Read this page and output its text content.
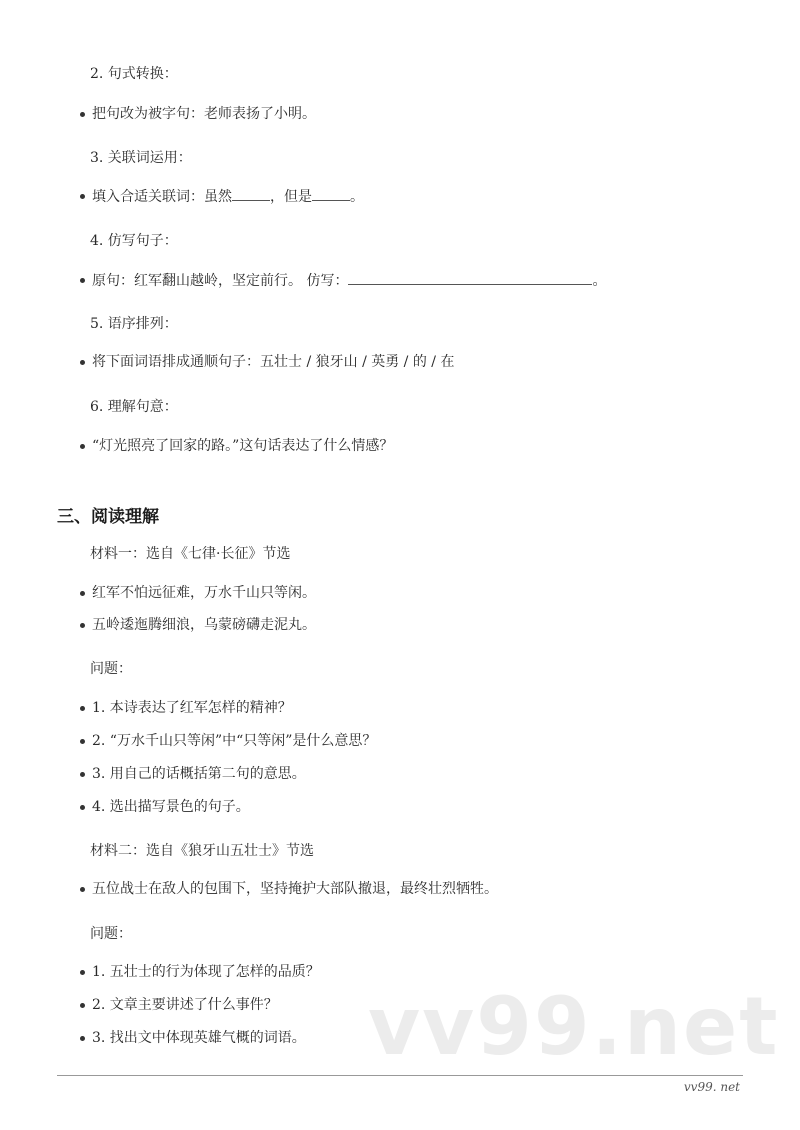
2. 句式转换：
把句改为被字句：老师表扬了小明。
3. 关联词运用：
填入合适关联词：虽然	，但是	。
4. 仿写句子：
原句：红军翻山越岭，坚定前行。 仿写：	。
5. 语序排列：
将下面词语排成通顺句子：五壮士 / 狼牙山 / 英勇 / 的 / 在
6. 理解句意：
“灯光照亮了回家的路。”这句话表达了什么情感？
三、阅读理解
材料一：选自《七律·长征》节选
红军不怕远征难，万水千山只等闲。
五岭逶迤腾细浪，乌蒙磅礴走泥丸。
问题：
1. 本诗表达了红军怎样的精神？
2. “万水千山只等闲”中“只等闲”是什么意思？
3. 用自己的话概括第二句的意思。
4. 选出描写景色的句子。
材料二：选自《狼牙山五壮士》节选
五位战士在敌人的包围下，坚持掩护大部队撤退，最终壮烈牺牲。
问题：
1. 五壮士的行为体现了怎样的品质？
2. 文章主要讲述了什么事件？
3. 找出文中体现英雄气概的词语。 vv99.net
vv99. net
